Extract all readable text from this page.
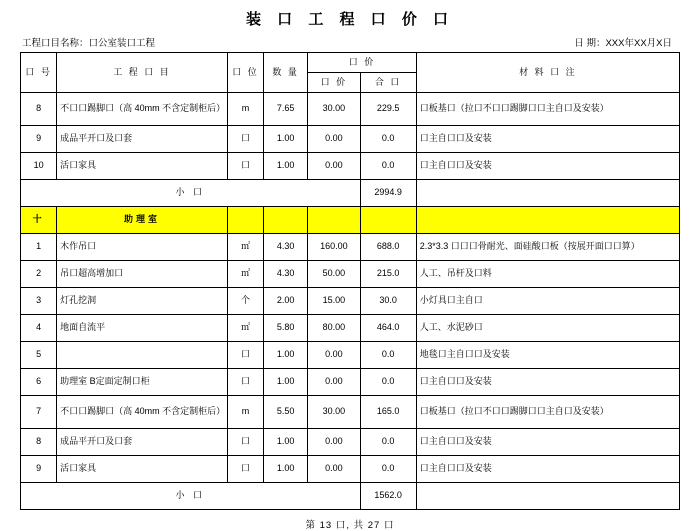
装 口 工 程 口 价 口
工程口目名称：口公室装口工程	日 期：XXX年XX月X日
口 号	工 程 口 目	口 位	数 量	口 价		材 料 口 注
				口 价	合 口	
8	不口口踢脚口（高 40mm 不含定制柜后）	m	7.65	30.00	229.5	口板基口（拉口不口口踢脚口口主自口及安装）
9	成品平开口及口套	口	1.00	0.00	0.0	口主自口口及安装
10	活口家具	口	1.00	0.00	0.0	口主自口口及安装
小 口					2994.9	
十	助理室					
1	木作吊口	㎡	4.30	160.00	688.0	2.3*3.3 口口口骨耐光、面硅酸口板（按展开面口口算）
2	吊口超高增加口	㎡	4.30	50.00	215.0	人工、吊杆及口料
3	灯孔挖洞	个	2.00	15.00	30.0	小灯具口主自口
4	地面自流平	㎡	5.80	80.00	464.0	人工、水泥砂口
5		口	1.00	0.00	0.0	地毯口主自口口及安装
6	助理室 B定面定制口柜	口	1.00	0.00	0.0	口主自口口及安装
7	不口口踢脚口（高 40mm 不含定制柜后）	m	5.50	30.00	165.0	口板基口（拉口不口口踢脚口口主自口及安装）
8	成品平开口及口套	口	1.00	0.00	0.0	口主自口口及安装
9	活口家具	口	1.00	0.00	0.0	口主自口口及安装
小 口					1562.0	
第 13 口, 共 27 口
